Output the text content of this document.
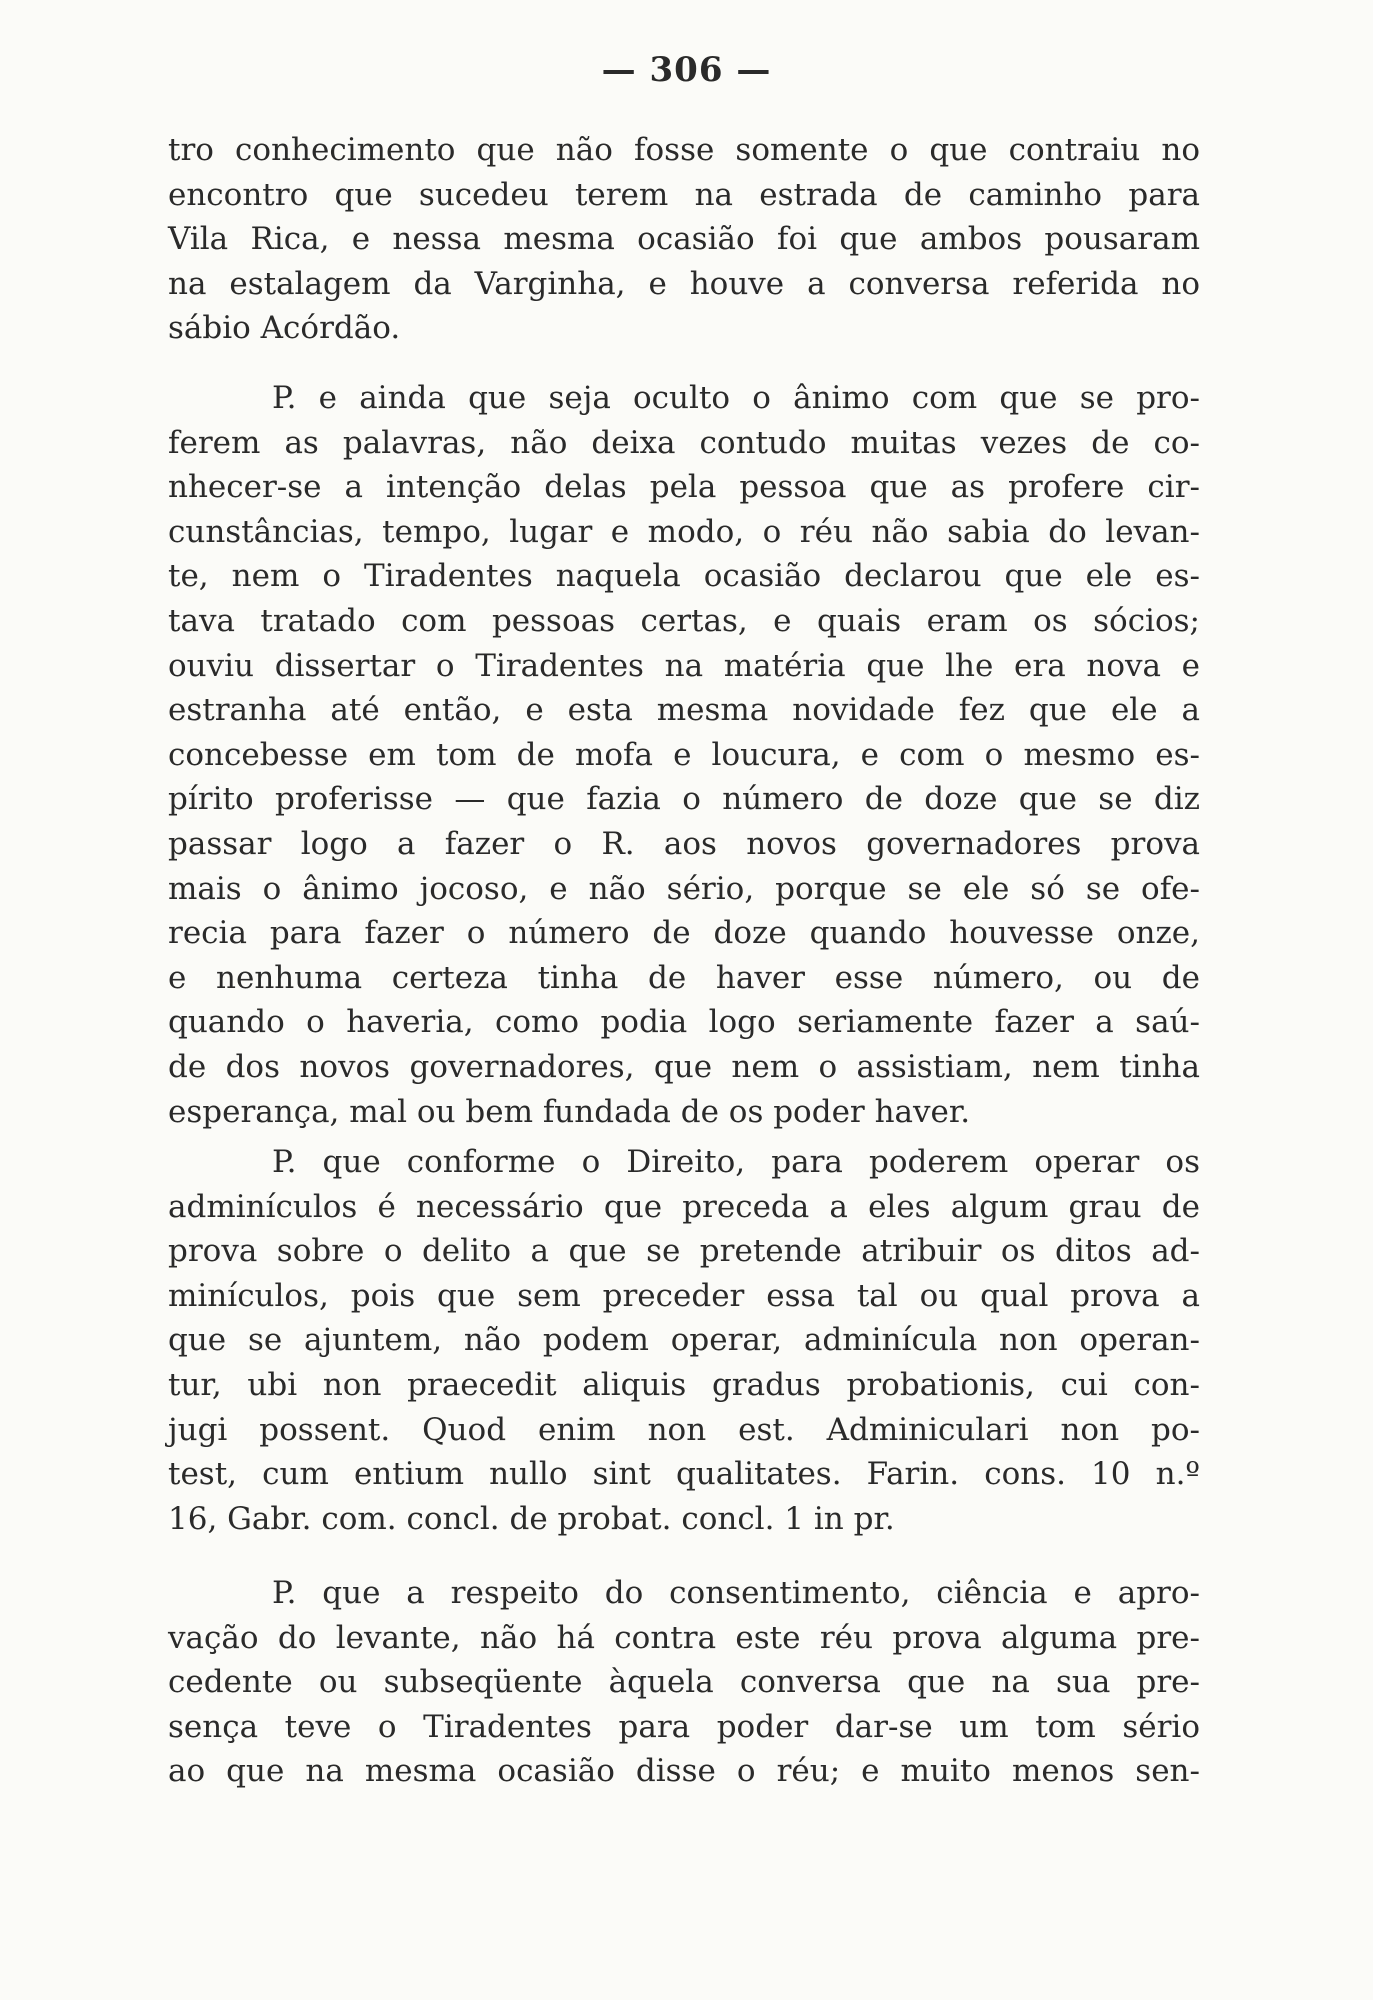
— 306 —
tro conhecimento que não fosse somente o que contraiu no
encontro que sucedeu terem na estrada de caminho para
Vila Rica, e nessa mesma ocasião foi que ambos pousaram
na estalagem da Varginha, e houve a conversa referida no
sábio Acórdão.
P. e ainda que seja oculto o ânimo com que se pro-
ferem as palavras, não deixa contudo muitas vezes de co-
nhecer-se a intenção delas pela pessoa que as profere cir-
cunstâncias, tempo, lugar e modo, o réu não sabia do levan-
te, nem o Tiradentes naquela ocasião declarou que ele es-
tava tratado com pessoas certas, e quais eram os sócios;
ouviu dissertar o Tiradentes na matéria que lhe era nova e
estranha até então, e esta mesma novidade fez que ele a
concebesse em tom de mofa e loucura, e com o mesmo es-
pírito proferisse — que fazia o número de doze que se diz
passar logo a fazer o R. aos novos governadores prova
mais o ânimo jocoso, e não sério, porque se ele só se ofe-
recia para fazer o número de doze quando houvesse onze,
e nenhuma certeza tinha de haver esse número, ou de
quando o haveria, como podia logo seriamente fazer a saú-
de dos novos governadores, que nem o assistiam, nem tinha
esperança, mal ou bem fundada de os poder haver.
P. que conforme o Direito, para poderem operar os
adminículos é necessário que preceda a eles algum grau de
prova sobre o delito a que se pretende atribuir os ditos ad-
minículos, pois que sem preceder essa tal ou qual prova a
que se ajuntem, não podem operar, adminícula non operan-
tur, ubi non praecedit aliquis gradus probationis, cui con-
jugi possent. Quod enim non est. Adminiculari non po-
test, cum entium nullo sint qualitates. Farin. cons. 10 n.º
16, Gabr. com. concl. de probat. concl. 1 in pr.
P. que a respeito do consentimento, ciência e apro-
vação do levante, não há contra este réu prova alguma pre-
cedente ou subseqüente àquela conversa que na sua pre-
sença teve o Tiradentes para poder dar-se um tom sério
ao que na mesma ocasião disse o réu; e muito menos sen-
